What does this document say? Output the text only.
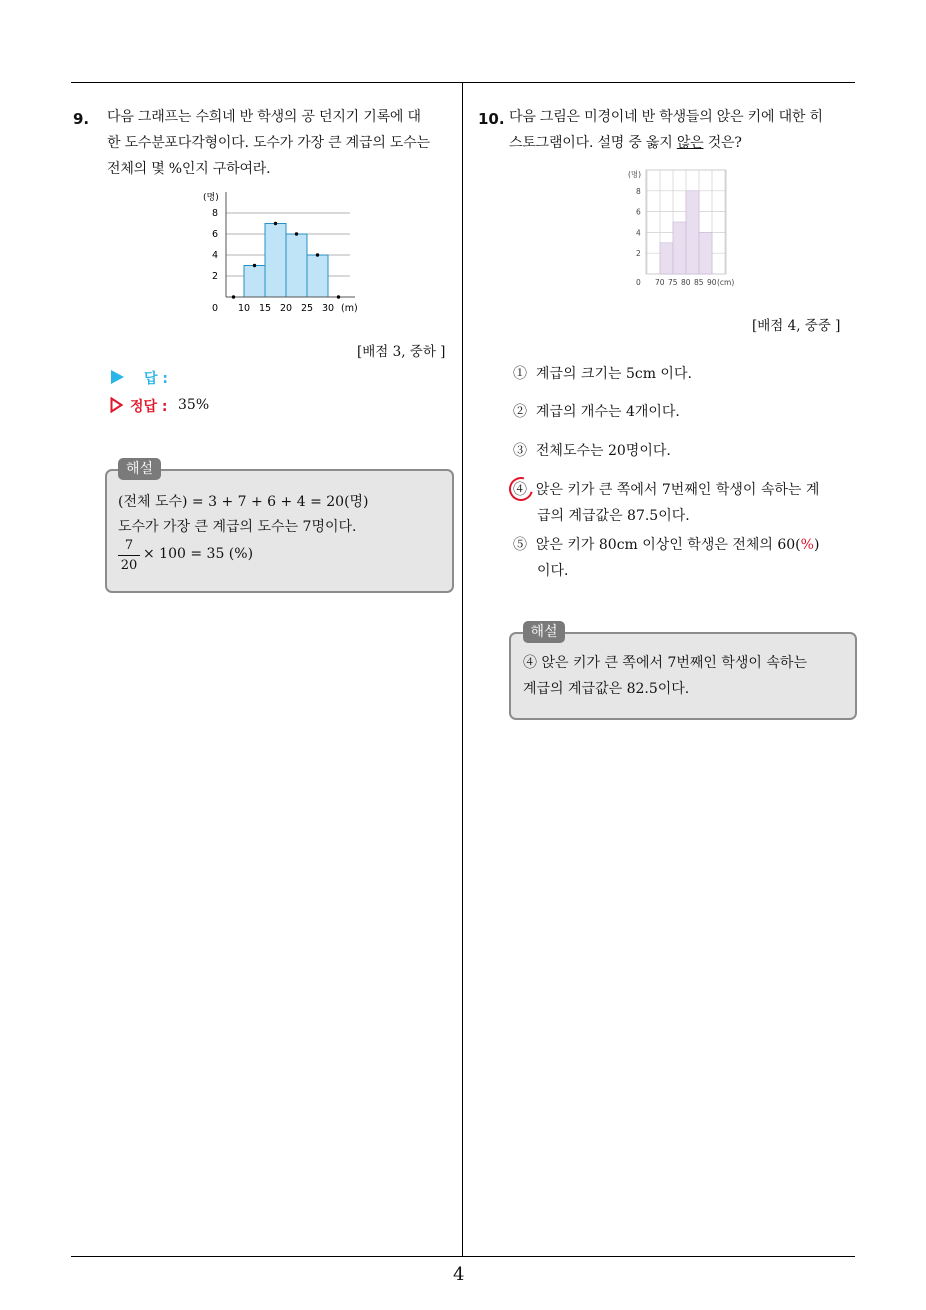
4
9. 다음 그래프는 수희네 반 학생의 공 던지기 기록에 대
한 도수분포다각형이다. 도수가 가장 큰 계급의 도수는
전체의 몇 %인지 구하여라.
(명)
2
4
6
8
0 10 15 20 25 30 (m)
[배점 3, 중하 ]
답 :
정답 : 35%
해설
(전체 도수) = 3 + 7 + 6 + 4 = 20(명)
도수가 가장 큰 계급의 도수는 7명이다.
7
20
× 100 = 35 (%)
10. 다음 그림은 미경이네 반 학생들의 앉은 키에 대한 히
스토그램이다. 설명 중 옳지 않은 것은?
(명)
0
2
4
6
8
70 75 80 85 90 (cm)
[배점 4, 중중 ]
① 계급의 크기는 5cm 이다.
② 계급의 개수는 4개이다.
③ 전체도수는 20명이다.
④ 앉은 키가 큰 쪽에서 7번째인 학생이 속하는 계
급의 계급값은 87.5이다.
⑤ 앉은 키가 80cm 이상인 학생은 전체의 60(%)
이다.
해설
④ 앉은 키가 큰 쪽에서 7번째인 학생이 속하는
계급의 계급값은 82.5이다.
